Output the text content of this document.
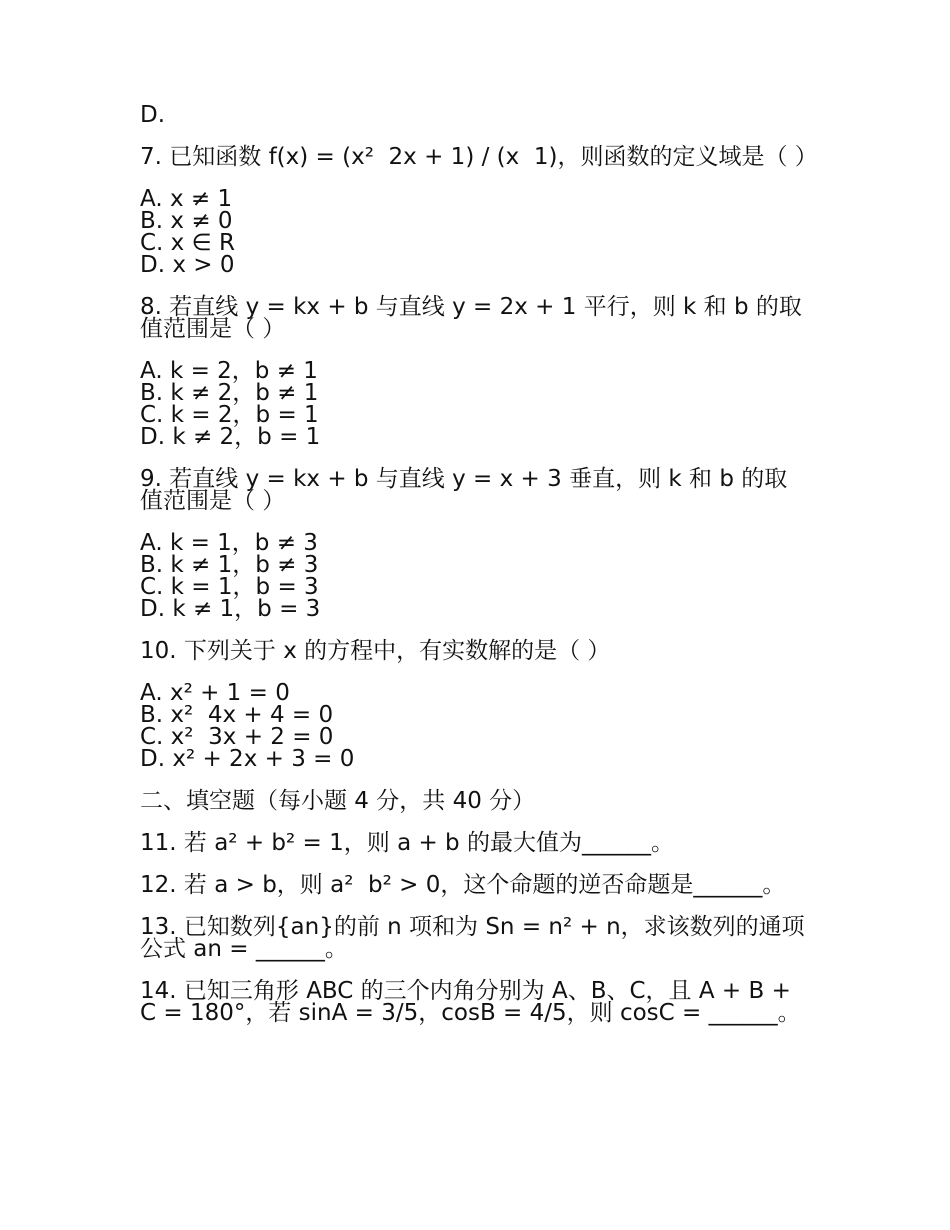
D.

7. 已知函数 f(x) = (x²  2x + 1) / (x  1)，则函数的定义域是（ ）

A. x ≠ 1

B. x ≠ 0

C. x ∈ R

D. x > 0

8. 若直线 y = kx + b 与直线 y = 2x + 1 平行，则 k 和 b 的取值范围是（ ）

A. k = 2，b ≠ 1

B. k ≠ 2，b ≠ 1

C. k = 2，b = 1

D. k ≠ 2，b = 1

9. 若直线 y = kx + b 与直线 y = x + 3 垂直，则 k 和 b 的取值范围是（ ）

A. k = 1，b ≠ 3

B. k ≠ 1，b ≠ 3

C. k = 1，b = 3

D. k ≠ 1，b = 3

10. 下列关于 x 的方程中，有实数解的是（ ）

A. x² + 1 = 0

B. x²  4x + 4 = 0

C. x²  3x + 2 = 0

D. x² + 2x + 3 = 0

二、填空题（每小题 4 分，共 40 分）

11. 若 a² + b² = 1，则 a + b 的最大值为______。

12. 若 a > b，则 a²  b² > 0，这个命题的逆否命题是______。

13. 已知数列{an}的前 n 项和为 Sn = n² + n，求该数列的通项公式 an = ______。

14. 已知三角形 ABC 的三个内角分别为 A、B、C，且 A + B + C = 180°，若 sinA = 3/5，cosB = 4/5，则 cosC = ______。
